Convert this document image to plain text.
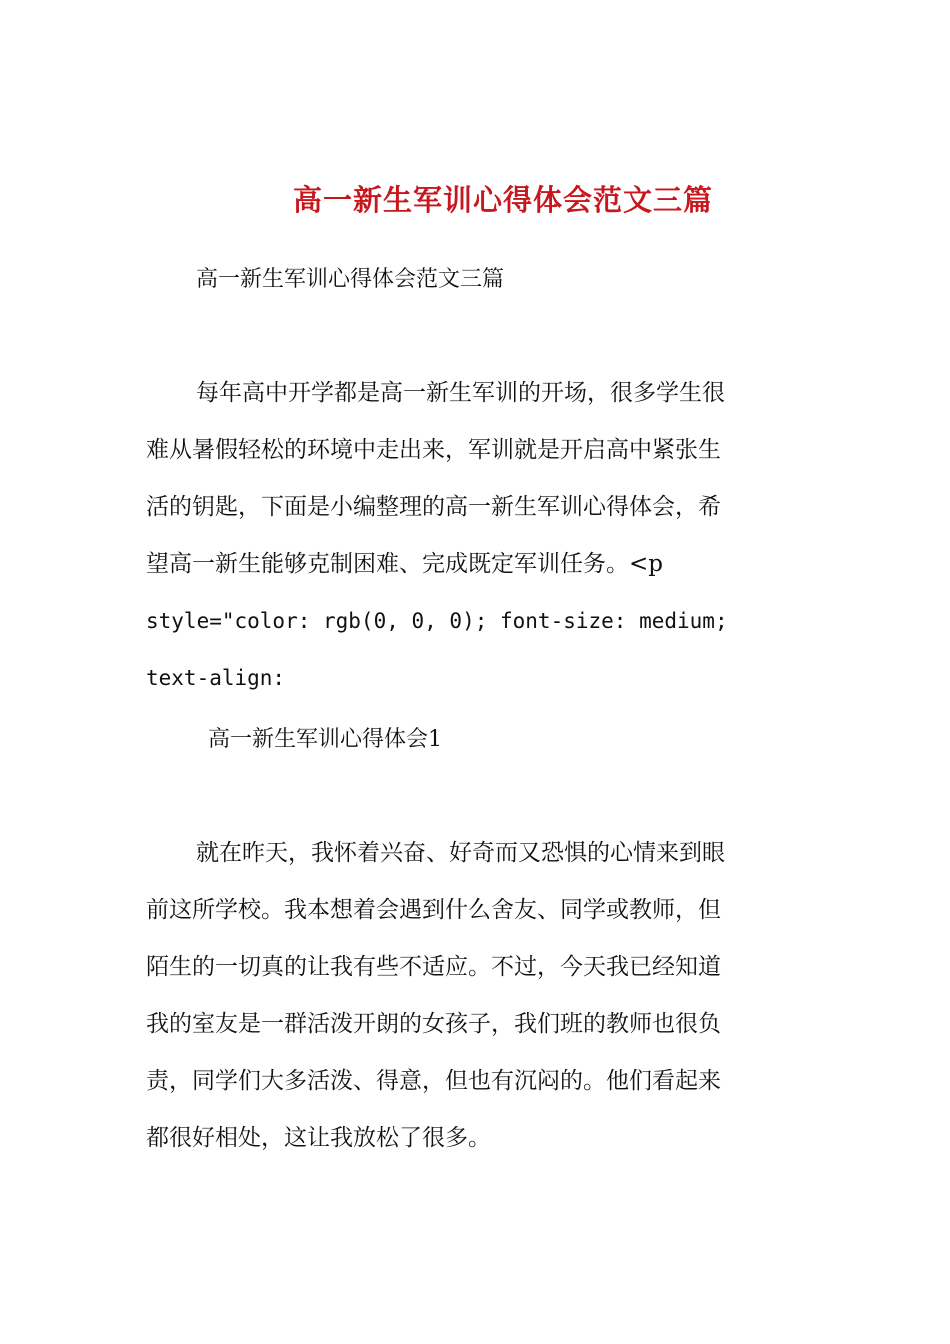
高一新生军训心得体会范文三篇
高一新生军训心得体会范文三篇
每年高中开学都是高一新生军训的开场，很多学生很
难从暑假轻松的环境中走出来，军训就是开启高中紧张生
活的钥匙，下面是小编整理的高一新生军训心得体会，希
望高一新生能够克制困难、完成既定军训任务。<p
style="color: rgb(0, 0, 0); font-size: medium;
text-align:
高一新生军训心得体会1
就在昨天，我怀着兴奋、好奇而又恐惧的心情来到眼
前这所学校。我本想着会遇到什么舍友、同学或教师，但
陌生的一切真的让我有些不适应。不过，今天我已经知道
我的室友是一群活泼开朗的女孩子，我们班的教师也很负
责，同学们大多活泼、得意，但也有沉闷的。他们看起来
都很好相处，这让我放松了很多。
